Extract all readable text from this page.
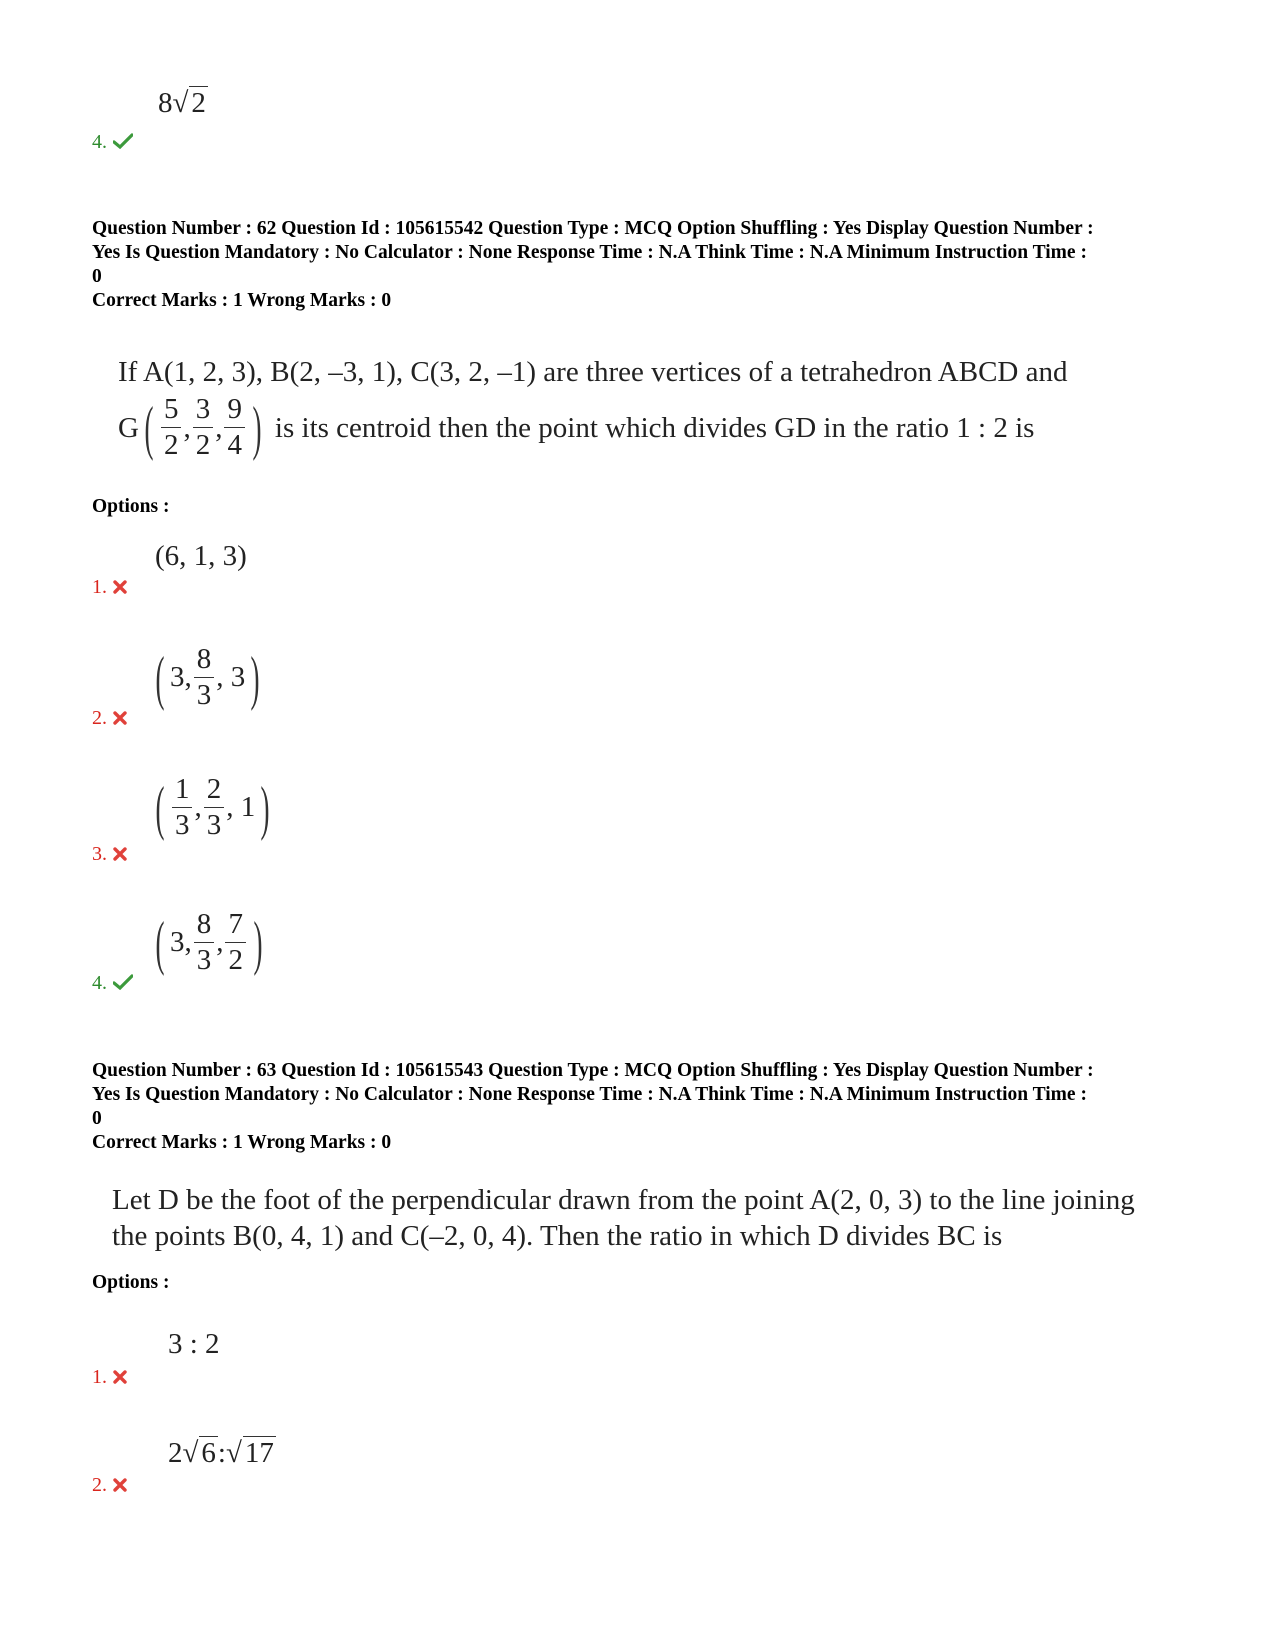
8√ 2
4.
Question Number : 62 Question Id : 105615542 Question Type : MCQ Option Shuffling : Yes Display Question Number :
Yes Is Question Mandatory : No Calculator : None Response Time : N.A Think Time : N.A Minimum Instruction Time :
0
Correct Marks : 1 Wrong Marks : 0
If A(1, 2, 3), B(2, –3, 1), C(3, 2, –1) are three vertices of a tetrahedron ABCD and
G ( $\frac{5}{2}$ , $\frac{3}{2}$ , $\frac{9}{4}$ ) is its centroid then the point which divides GD in the ratio 1 : 2 is
Options :
(6, 1, 3)
1.
( 3, $\frac{8}{3}$ , 3 )
2.
( $\frac{1}{3}$ , $\frac{2}{3}$ , 1 )
3.
( 3, $\frac{8}{3}$ , $\frac{7}{2}$ )
4.
Question Number : 63 Question Id : 105615543 Question Type : MCQ Option Shuffling : Yes Display Question Number :
Yes Is Question Mandatory : No Calculator : None Response Time : N.A Think Time : N.A Minimum Instruction Time :
0
Correct Marks : 1 Wrong Marks : 0
Let D be the foot of the perpendicular drawn from the point A(2, 0, 3) to the line joining
the points B(0, 4, 1) and C(–2, 0, 4). Then the ratio in which D divides BC is
Options :
3 : 2
1.
2√ 6:√ 17
2.
